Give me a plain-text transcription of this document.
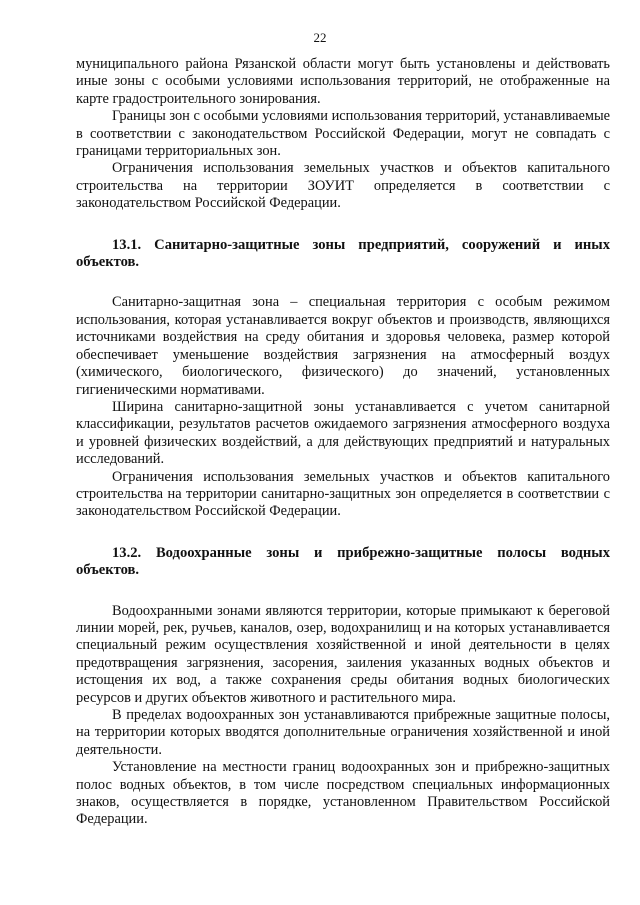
22

муниципального района Рязанской области могут быть установлены и действовать иные зоны с особыми условиями использования территорий, не отображенные на карте градостроительного зонирования.

Границы зон с особыми условиями использования территорий, устанавливаемые в соответствии с законодательством Российской Федерации, могут не совпадать с границами территориальных зон.

Ограничения использования земельных участков и объектов капитального строительства на территории ЗОУИТ определяется в соответствии с законодательством Российской Федерации.

13.1. Санитарно-защитные зоны предприятий, сооружений и иных объектов.

Санитарно-защитная зона – специальная территория с особым режимом использования, которая устанавливается вокруг объектов и производств, являющихся источниками воздействия на среду обитания и здоровья человека, размер которой обеспечивает уменьшение воздействия загрязнения на атмосферный воздух (химического, биологического, физического) до значений, установленных гигиеническими нормативами.

Ширина санитарно-защитной зоны устанавливается с учетом санитарной классификации, результатов расчетов ожидаемого загрязнения атмосферного воздуха и уровней физических воздействий, а для действующих предприятий и натуральных исследований.

Ограничения использования земельных участков и объектов капитального строительства на территории санитарно-защитных зон определяется в соответствии с законодательством Российской Федерации.

13.2. Водоохранные зоны и прибрежно-защитные полосы водных объектов.

Водоохранными зонами являются территории, которые примыкают к береговой линии морей, рек, ручьев, каналов, озер, водохранилищ и на которых устанавливается специальный режим осуществления хозяйственной и иной деятельности в целях предотвращения загрязнения, засорения, заиления указанных водных объектов и истощения их вод, а также сохранения среды обитания водных биологических ресурсов и других объектов животного и растительного мира.

В пределах водоохранных зон устанавливаются прибрежные защитные полосы, на территории которых вводятся дополнительные ограничения хозяйственной и иной деятельности.

Установление на местности границ водоохранных зон и прибрежно-защитных полос водных объектов, в том числе посредством специальных информационных знаков, осуществляется в порядке, установленном Правительством Российской Федерации.
